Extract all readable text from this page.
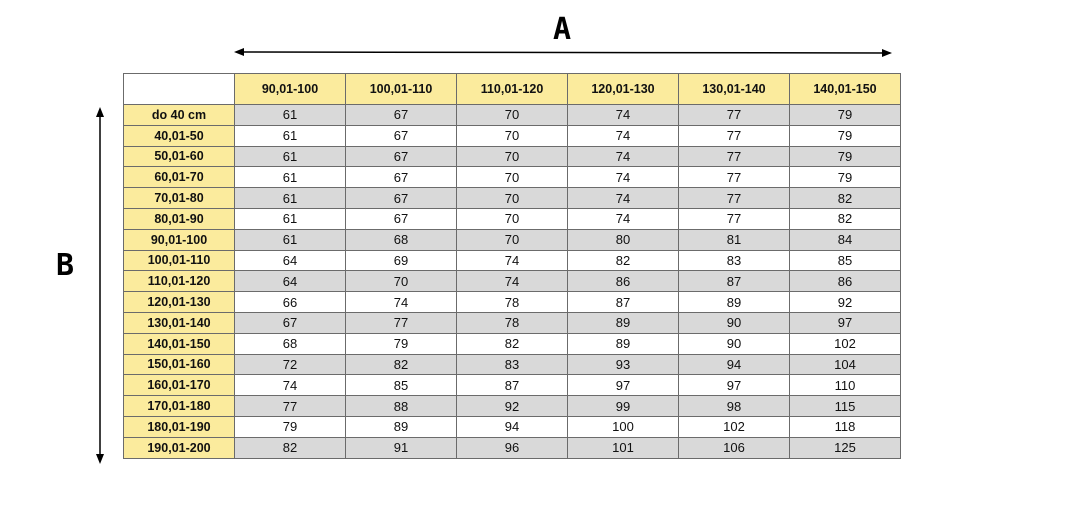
A
B
	90,01-100	100,01-110	110,01-120	120,01-130	130,01-140	140,01-150
do 40 cm	61	67	70	74	77	79
40,01-50	61	67	70	74	77	79
50,01-60	61	67	70	74	77	79
60,01-70	61	67	70	74	77	79
70,01-80	61	67	70	74	77	82
80,01-90	61	67	70	74	77	82
90,01-100	61	68	70	80	81	84
100,01-110	64	69	74	82	83	85
110,01-120	64	70	74	86	87	86
120,01-130	66	74	78	87	89	92
130,01-140	67	77	78	89	90	97
140,01-150	68	79	82	89	90	102
150,01-160	72	82	83	93	94	104
160,01-170	74	85	87	97	97	110
170,01-180	77	88	92	99	98	115
180,01-190	79	89	94	100	102	118
190,01-200	82	91	96	101	106	125
